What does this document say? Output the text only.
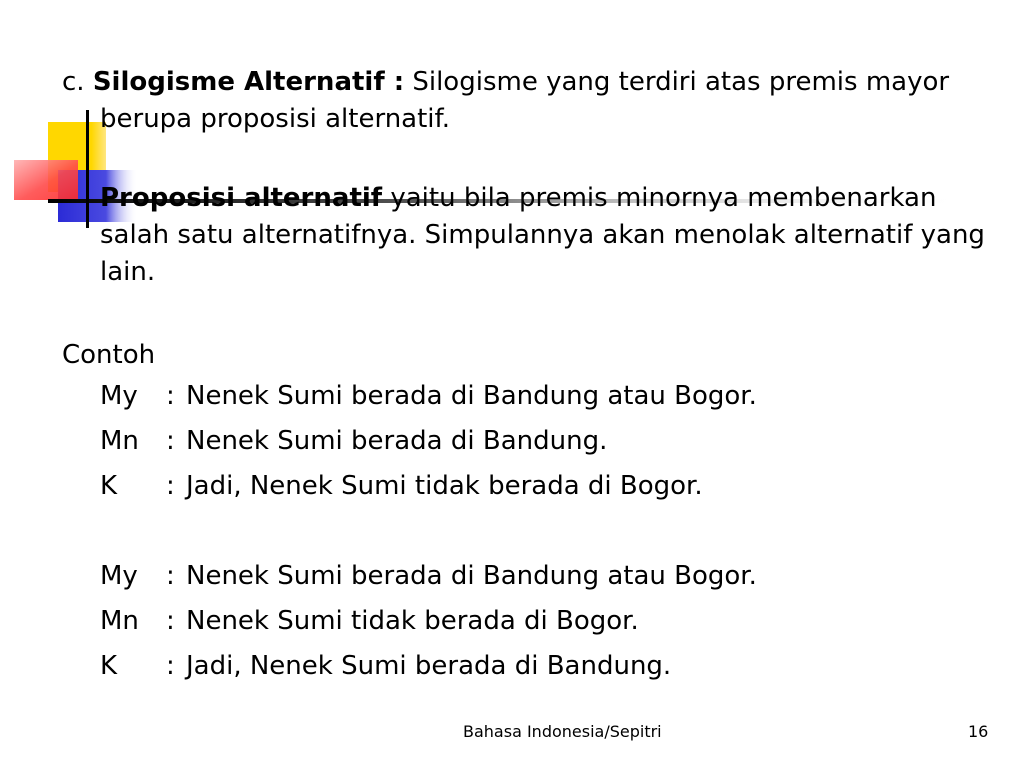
c. Silogisme Alternatif : Silogisme yang terdiri atas premis mayor berupa proposisi alternatif.

Proposisi alternatif yaitu bila premis minornya membenarkan salah satu alternatifnya. Simpulannya akan menolak alternatif yang lain.

Contoh

My	: Nenek Sumi berada di Bandung atau Bogor.
Mn	: Nenek Sumi berada di Bandung.
K	: Jadi, Nenek Sumi tidak berada di Bogor.
My	: Nenek Sumi berada di Bandung atau Bogor.
Mn	: Nenek Sumi tidak berada di Bogor.
K	: Jadi, Nenek Sumi berada di Bandung.
Bahasa Indonesia/Sepitri	16
